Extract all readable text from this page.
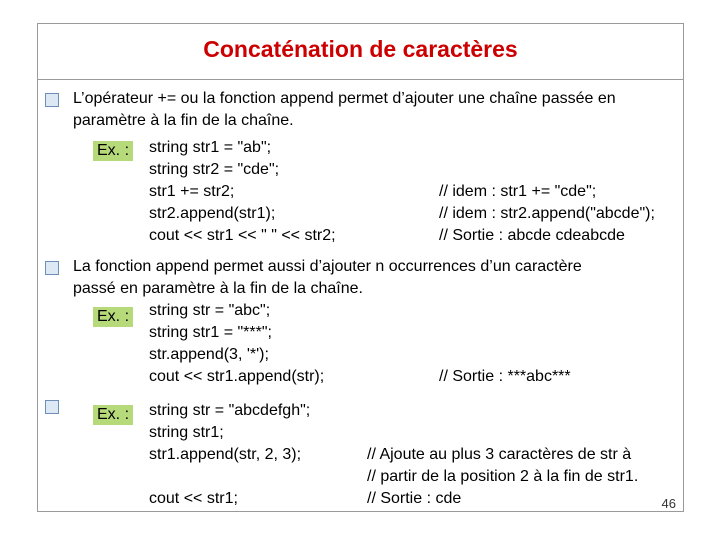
Concaténation de caractères
L’opérateur += ou la fonction append permet d’ajouter une chaîne passée en
paramètre à la fin de la chaîne.
Ex. : string str1 = "ab";
string str2 = "cde";
str1 += str2;
str2.append(str1);
cout << str1 << " " << str2;
// idem : str1 += "cde";
// idem : str2.append("abcde");
// Sortie : abcde cdeabcde
La fonction append permet aussi d’ajouter n occurrences d’un caractère
passé en paramètre à la fin de la chaîne.
Ex. : string str = "abc";
string str1 = "***";
str.append(3, '*');
cout << str1.append(str);	// Sortie : ***abc***
Ex. : string str = "abcdefgh";
string str1;
str1.append(str, 2, 3);
cout << str1;
// Ajoute au plus 3 caractères de str à
// partir de la position 2 à la fin de str1.
// Sortie : cde	46
